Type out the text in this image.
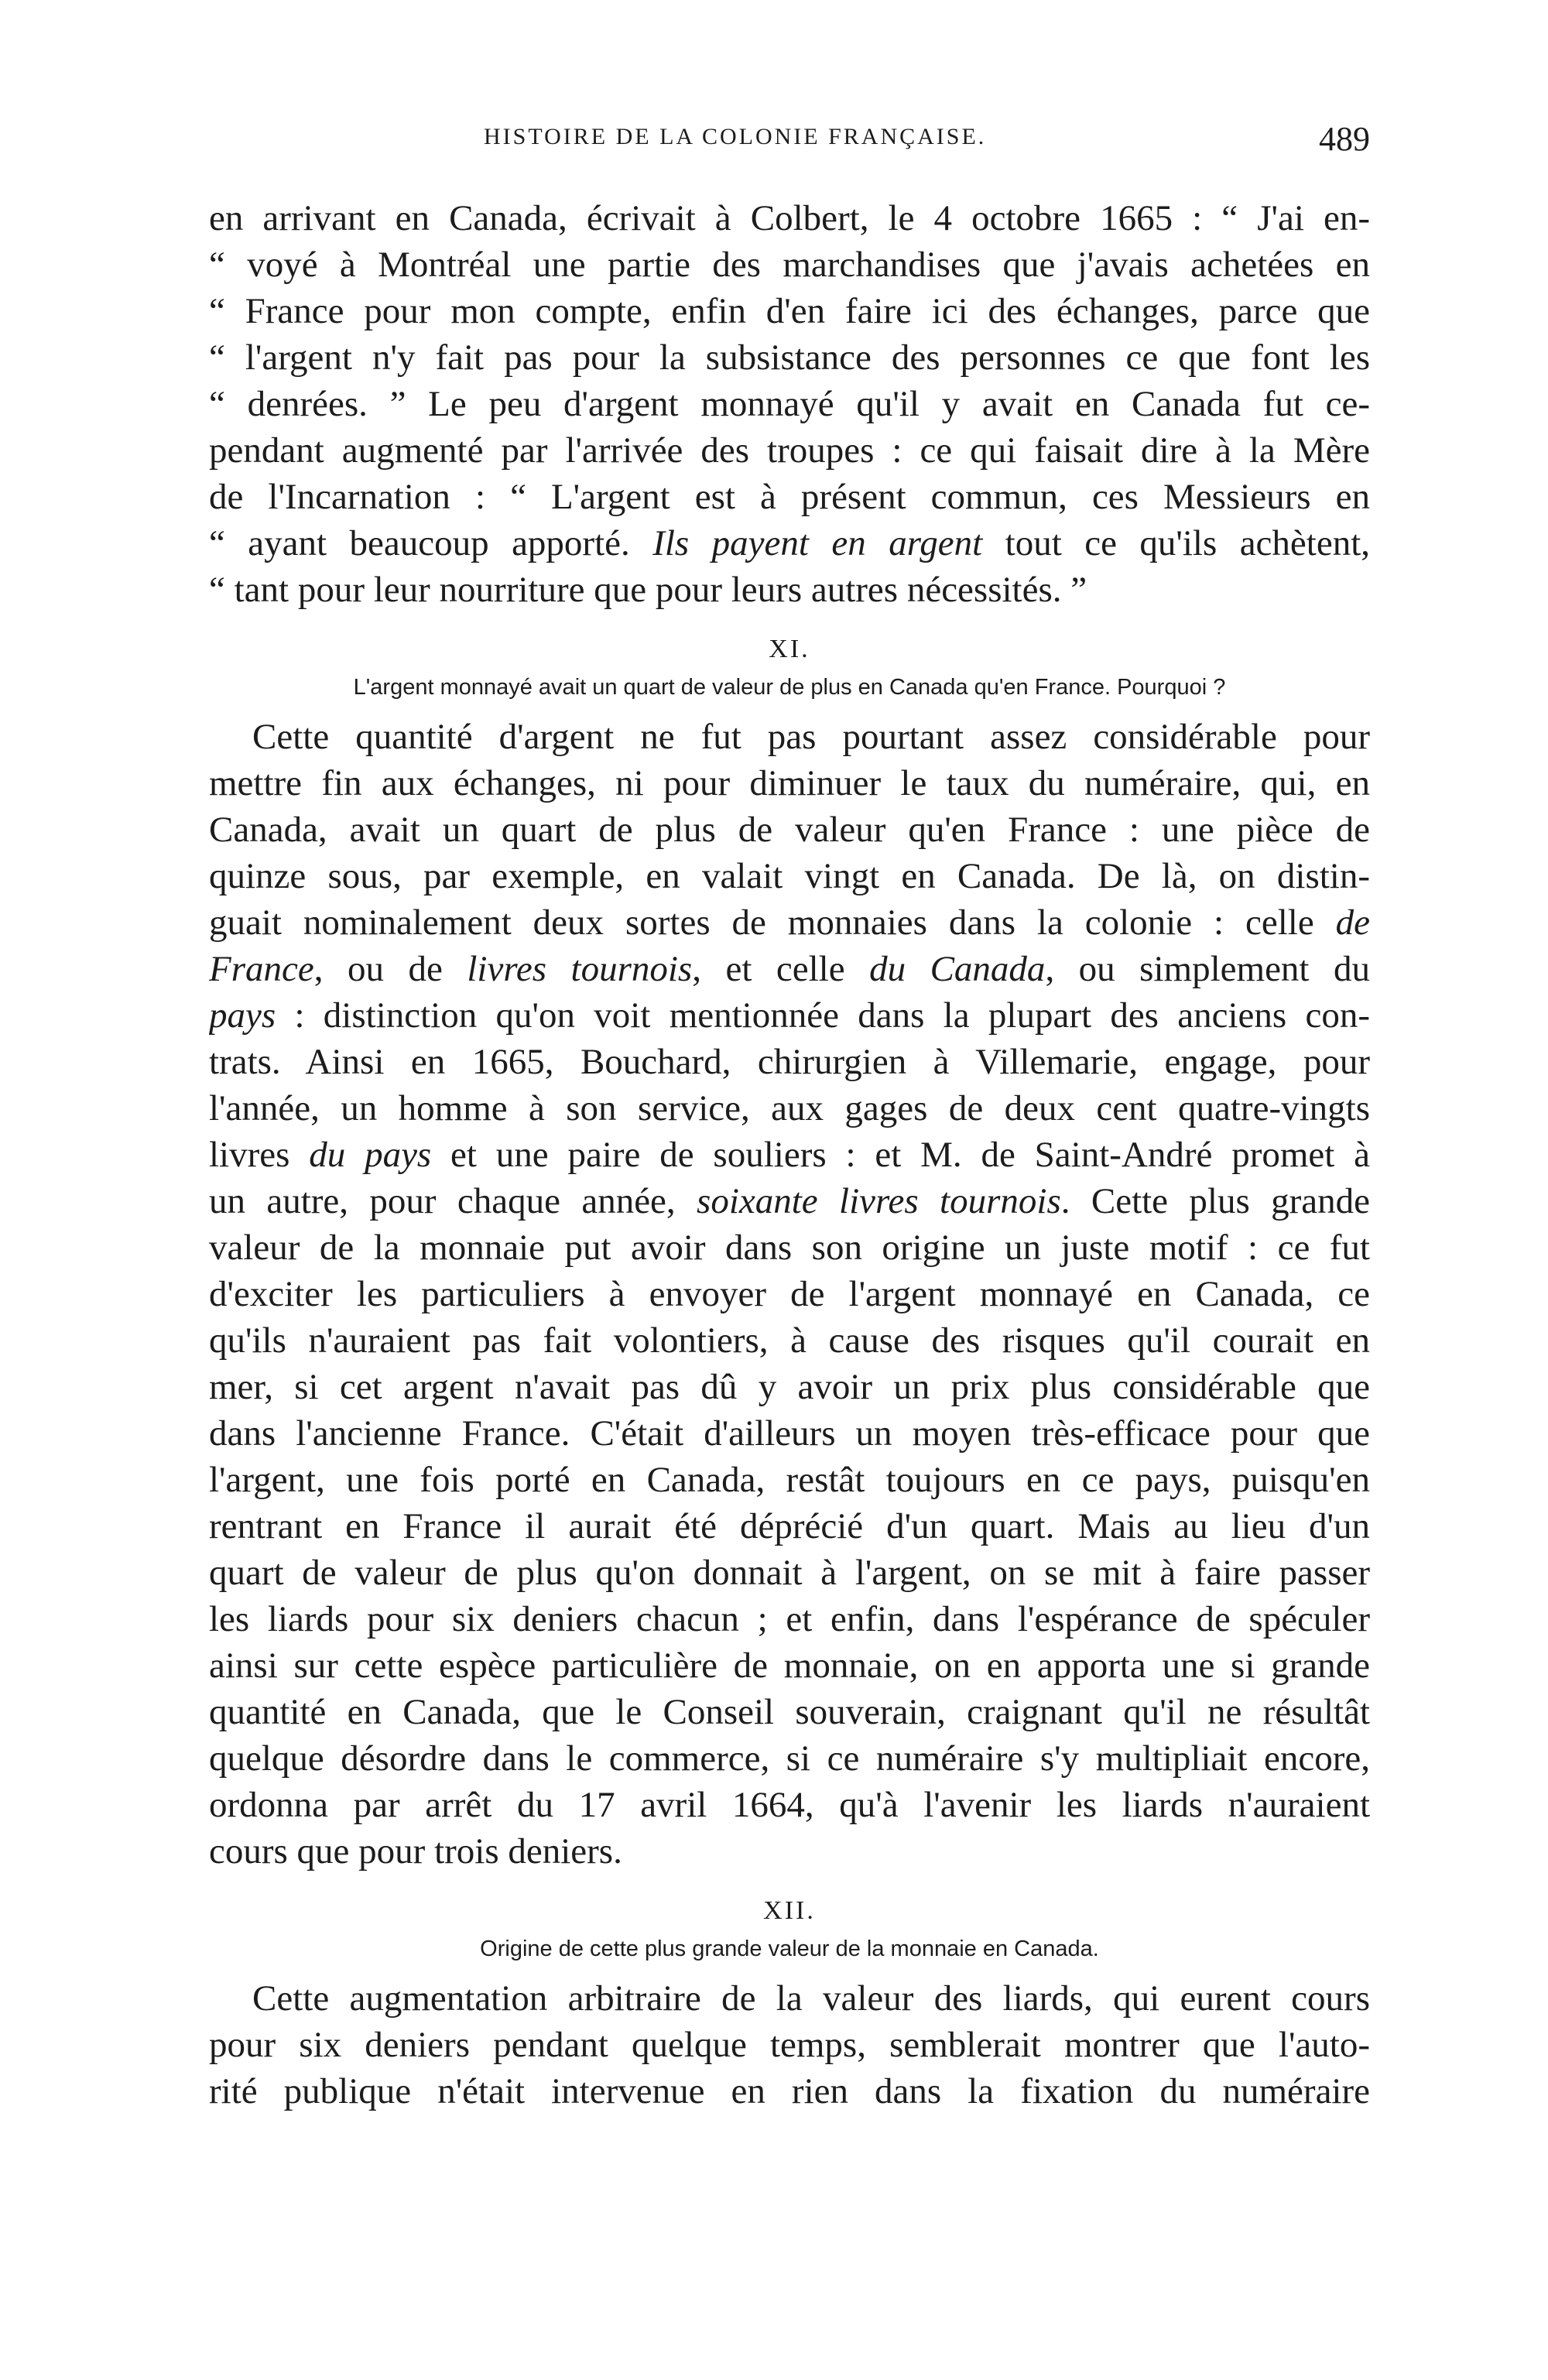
HISTOIRE DE LA COLONIE FRANÇAISE.	489

en arrivant en Canada, écrivait à Colbert, le 4 octobre 1665 : “ J'ai en-
“ voyé à Montréal une partie des marchandises que j'avais achetées en
“ France pour mon compte, enfin d'en faire ici des échanges, parce que
“ l'argent n'y fait pas pour la subsistance des personnes ce que font les
“ denrées. ” Le peu d'argent monnayé qu'il y avait en Canada fut ce-
pendant augmenté par l'arrivée des troupes : ce qui faisait dire à la Mère
de l'Incarnation : “ L'argent est à présent commun, ces Messieurs en
“ ayant beaucoup apporté. Ils payent en argent tout ce qu'ils achètent,
“ tant pour leur nourriture que pour leurs autres nécessités. ”

XI.
L'argent monnayé avait un quart de valeur de plus en Canada qu'en France. Pourquoi ?

Cette quantité d'argent ne fut pas pourtant assez considérable pour
mettre fin aux échanges, ni pour diminuer le taux du numéraire, qui, en
Canada, avait un quart de plus de valeur qu'en France : une pièce de
quinze sous, par exemple, en valait vingt en Canada. De là, on distin-
guait nominalement deux sortes de monnaies dans la colonie : celle de
France, ou de livres tournois, et celle du Canada, ou simplement du
pays : distinction qu'on voit mentionnée dans la plupart des anciens con-
trats. Ainsi en 1665, Bouchard, chirurgien à Villemarie, engage, pour
l'année, un homme à son service, aux gages de deux cent quatre-vingts
livres du pays et une paire de souliers : et M. de Saint-André promet à
un autre, pour chaque année, soixante livres tournois. Cette plus grande
valeur de la monnaie put avoir dans son origine un juste motif : ce fut
d'exciter les particuliers à envoyer de l'argent monnayé en Canada, ce
qu'ils n'auraient pas fait volontiers, à cause des risques qu'il courait en
mer, si cet argent n'avait pas dû y avoir un prix plus considérable que
dans l'ancienne France. C'était d'ailleurs un moyen très-efficace pour que
l'argent, une fois porté en Canada, restât toujours en ce pays, puisqu'en
rentrant en France il aurait été déprécié d'un quart. Mais au lieu d'un
quart de valeur de plus qu'on donnait à l'argent, on se mit à faire passer
les liards pour six deniers chacun ; et enfin, dans l'espérance de spéculer
ainsi sur cette espèce particulière de monnaie, on en apporta une si grande
quantité en Canada, que le Conseil souverain, craignant qu'il ne résultât
quelque désordre dans le commerce, si ce numéraire s'y multipliait encore,
ordonna par arrêt du 17 avril 1664, qu'à l'avenir les liards n'auraient
cours que pour trois deniers.

XII.
Origine de cette plus grande valeur de la monnaie en Canada.

Cette augmentation arbitraire de la valeur des liards, qui eurent cours
pour six deniers pendant quelque temps, semblerait montrer que l'auto-
rité publique n'était intervenue en rien dans la fixation du numéraire
